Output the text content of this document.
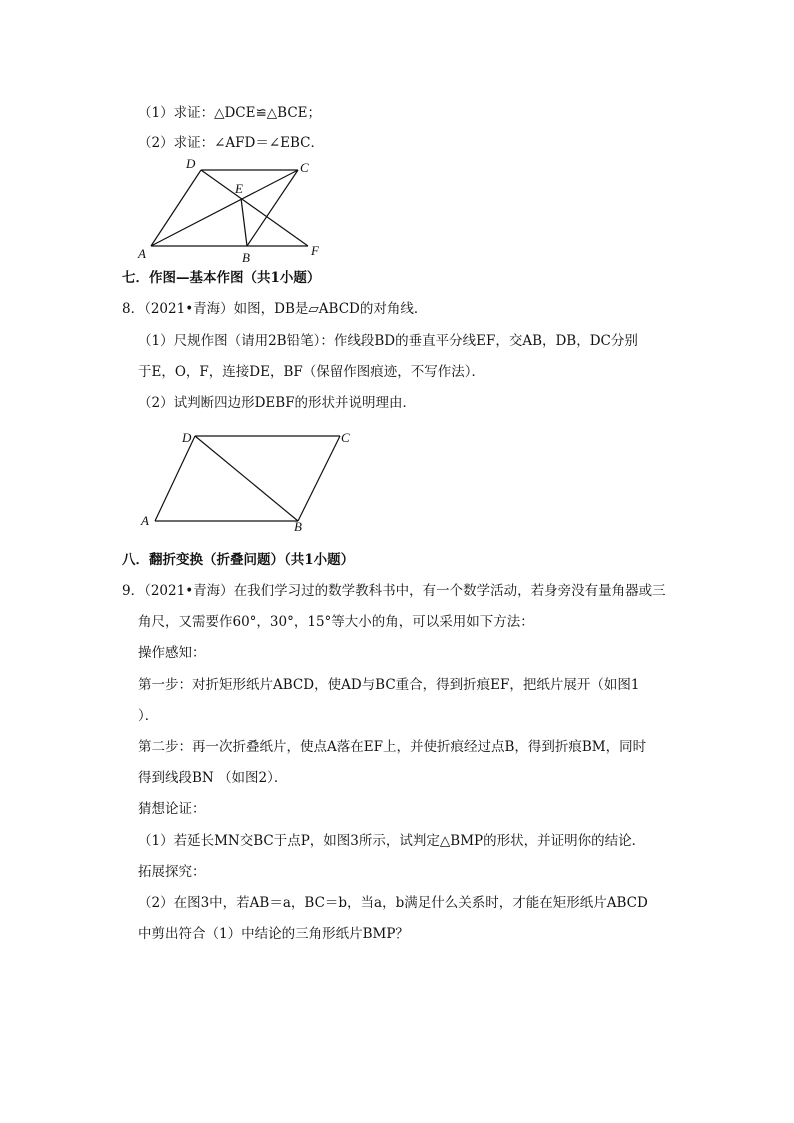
（1）求证：△DCE≌△BCE；
（2）求证：∠AFD＝∠EBC．
D	C
E
A	B	F
D	C
A	B
七．作图—基本作图（共1小题）
8．（2021•青海）如图，DB是▱ABCD的对角线．
（1）尺规作图（请用2B铅笔）：作线段BD的垂直平分线EF，交AB，DB，DC分别
于E，O，F，连接DE，BF（保留作图痕迹，不写作法）．
（2）试判断四边形DEBF的形状并说明理由．
八．翻折变换（折叠问题）（共1小题）
9．（2021•青海）在我们学习过的数学教科书中，有一个数学活动，若身旁没有量角器或三
角尺，又需要作60°，30°，15°等大小的角，可以采用如下方法：
操作感知：
第一步：对折矩形纸片ABCD，使AD与BC重合，得到折痕EF，把纸片展开（如图1
）．
第二步：再一次折叠纸片，使点A落在EF上，并使折痕经过点B，得到折痕BM，同时
得到线段BN （如图2）．
猜想论证：
（1）若延长MN交BC于点P，如图3所示，试判定△BMP的形状，并证明你的结论．
拓展探究：
（2）在图3中，若AB＝a，BC＝b，当a，b满足什么关系时，才能在矩形纸片ABCD
中剪出符合（1）中结论的三角形纸片BMP？
